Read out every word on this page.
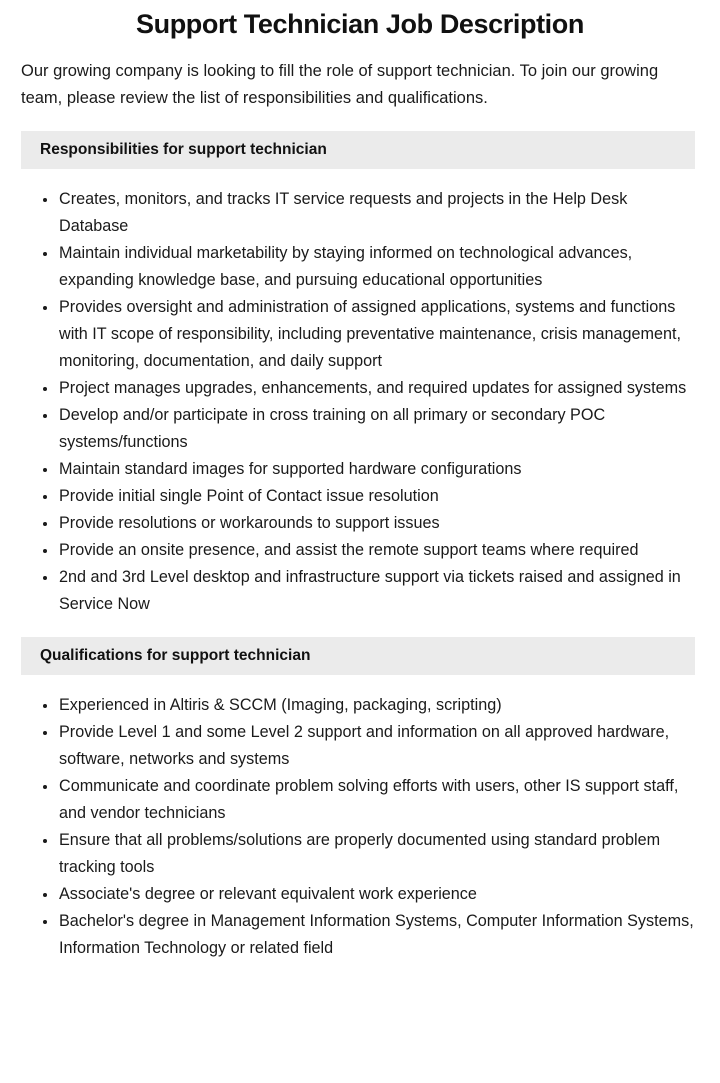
Support Technician Job Description

Our growing company is looking to fill the role of support technician. To join our growing team, please review the list of responsibilities and qualifications.

Responsibilities for support technician
Creates, monitors, and tracks IT service requests and projects in the Help Desk Database
Maintain individual marketability by staying informed on technological advances, expanding knowledge base, and pursuing educational opportunities
Provides oversight and administration of assigned applications, systems and functions with IT scope of responsibility, including preventative maintenance, crisis management, monitoring, documentation, and daily support
Project manages upgrades, enhancements, and required updates for assigned systems
Develop and/or participate in cross training on all primary or secondary POC systems/functions
Maintain standard images for supported hardware configurations
Provide initial single Point of Contact issue resolution
Provide resolutions or workarounds to support issues
Provide an onsite presence, and assist the remote support teams where required
2nd and 3rd Level desktop and infrastructure support via tickets raised and assigned in Service Now
Qualifications for support technician
Experienced in Altiris & SCCM (Imaging, packaging, scripting)
Provide Level 1 and some Level 2 support and information on all approved hardware, software, networks and systems
Communicate and coordinate problem solving efforts with users, other IS support staff, and vendor technicians
Ensure that all problems/solutions are properly documented using standard problem tracking tools
Associate's degree or relevant equivalent work experience
Bachelor's degree in Management Information Systems, Computer Information Systems, Information Technology or related field
